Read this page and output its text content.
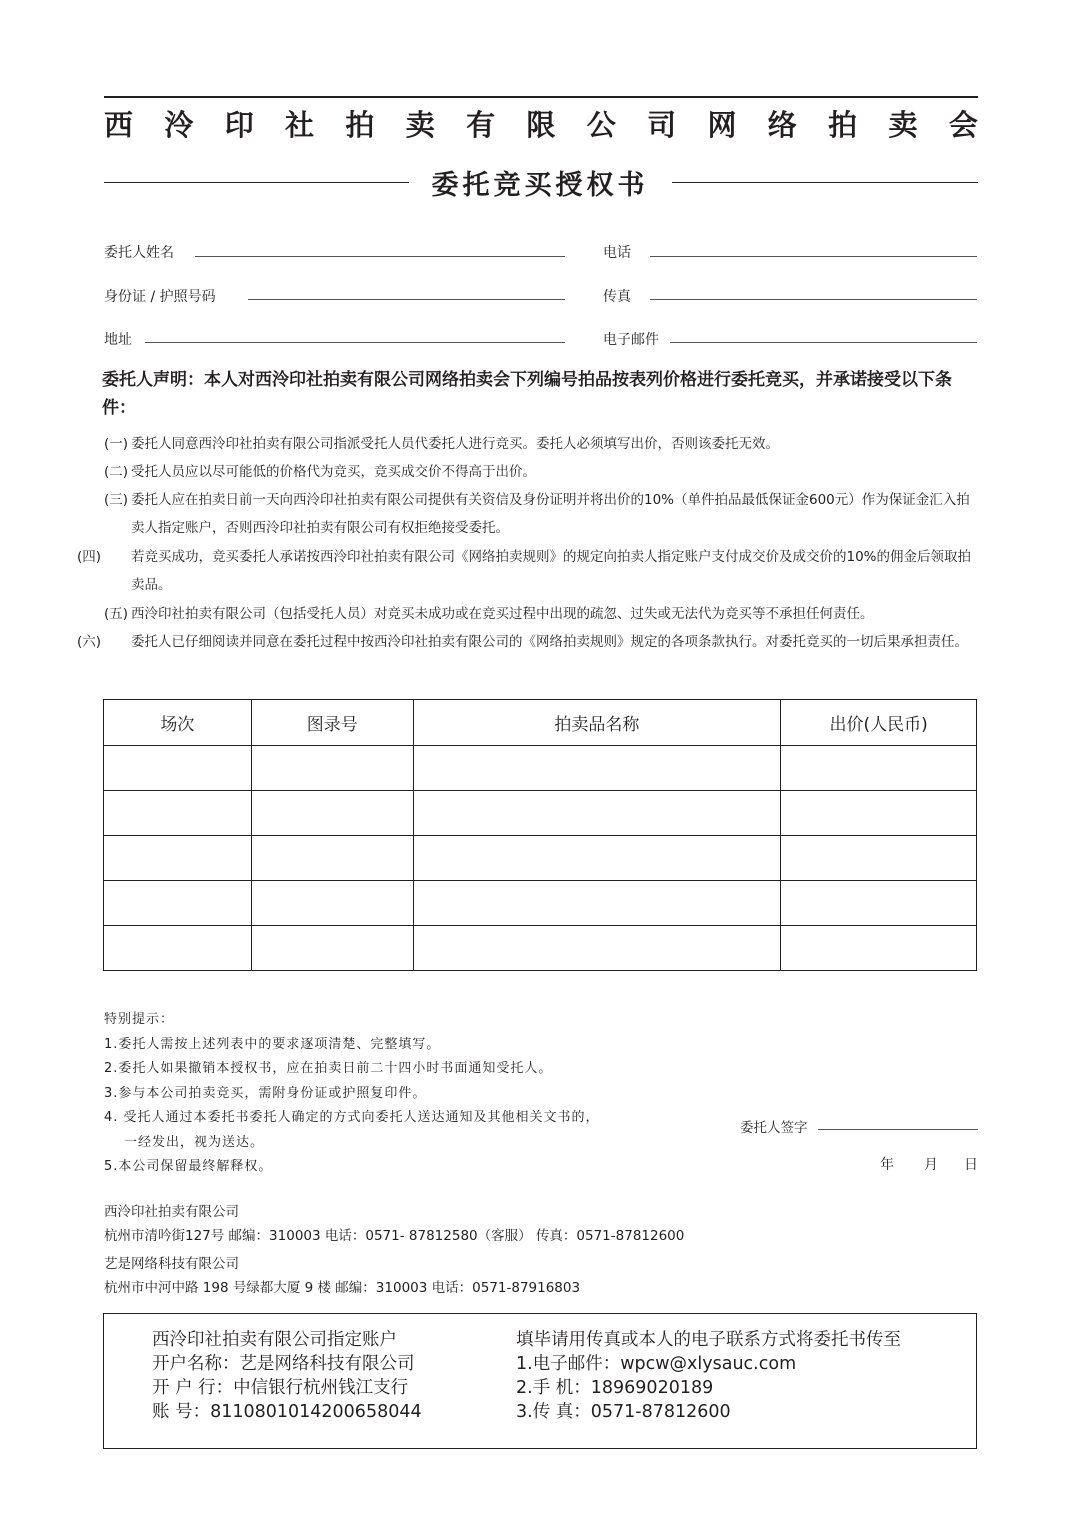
西 泠 印 社 拍 卖 有 限 公 司 网 络 拍 卖 会
委托竞买授权书
委托人姓名	电话
身份证 / 护照号码	传真
地址	电子邮件
委托人声明：本人对西泠印社拍卖有限公司网络拍卖会下列编号拍品按表列价格进行委托竞买，并承诺接受以下条件：
(一) 委托人同意西泠印社拍卖有限公司指派受托人员代委托人进行竞买。委托人必须填写出价，否则该委托无效。
(二) 受托人员应以尽可能低的价格代为竞买，竞买成交价不得高于出价。
(三) 委托人应在拍卖日前一天向西泠印社拍卖有限公司提供有关资信及身份证明并将出价的10%（单件拍品最低保证金600元）作为保证金汇入拍卖人指定账户，否则西泠印社拍卖有限公司有权拒绝接受委托。
(四) 若竞买成功，竞买委托人承诺按西泠印社拍卖有限公司《网络拍卖规则》的规定向拍卖人指定账户支付成交价及成交价的10%的佣金后领取拍卖品。
(五) 西泠印社拍卖有限公司（包括受托人员）对竞买未成功或在竞买过程中出现的疏忽、过失或无法代为竞买等不承担任何责任。
(六) 委托人已仔细阅读并同意在委托过程中按西泠印社拍卖有限公司的《网络拍卖规则》规定的各项条款执行。对委托竞买的一切后果承担责任。
场次	图录号	拍卖品名称	出价(人民币)

特别提示：
1.委托人需按上述列表中的要求逐项清楚、完整填写。
2.委托人如果撤销本授权书，应在拍卖日前二十四小时书面通知受托人。
3.参与本公司拍卖竞买，需附身份证或护照复印件。
4. 受托人通过本委托书委托人确定的方式向委托人送达通知及其他相关文书的，
一经发出，视为送达。
5.本公司保留最终解释权。
委托人签字
年 月 日
西泠印社拍卖有限公司
杭州市清吟街127号 邮编：310003 电话：0571- 87812580（客服） 传真：0571-87812600
艺是网络科技有限公司
杭州市中河中路 198 号绿都大厦 9 楼 邮编：310003 电话：0571-87916803
西泠印社拍卖有限公司指定账户
开户名称：艺是网络科技有限公司
开 户 行：中信银行杭州钱江支行
账 号：8110801014200658044
填毕请用传真或本人的电子联系方式将委托书传至
1.电子邮件：wpcw@xlysauc.com
2.手 机：18969020189
3.传 真：0571-87812600
